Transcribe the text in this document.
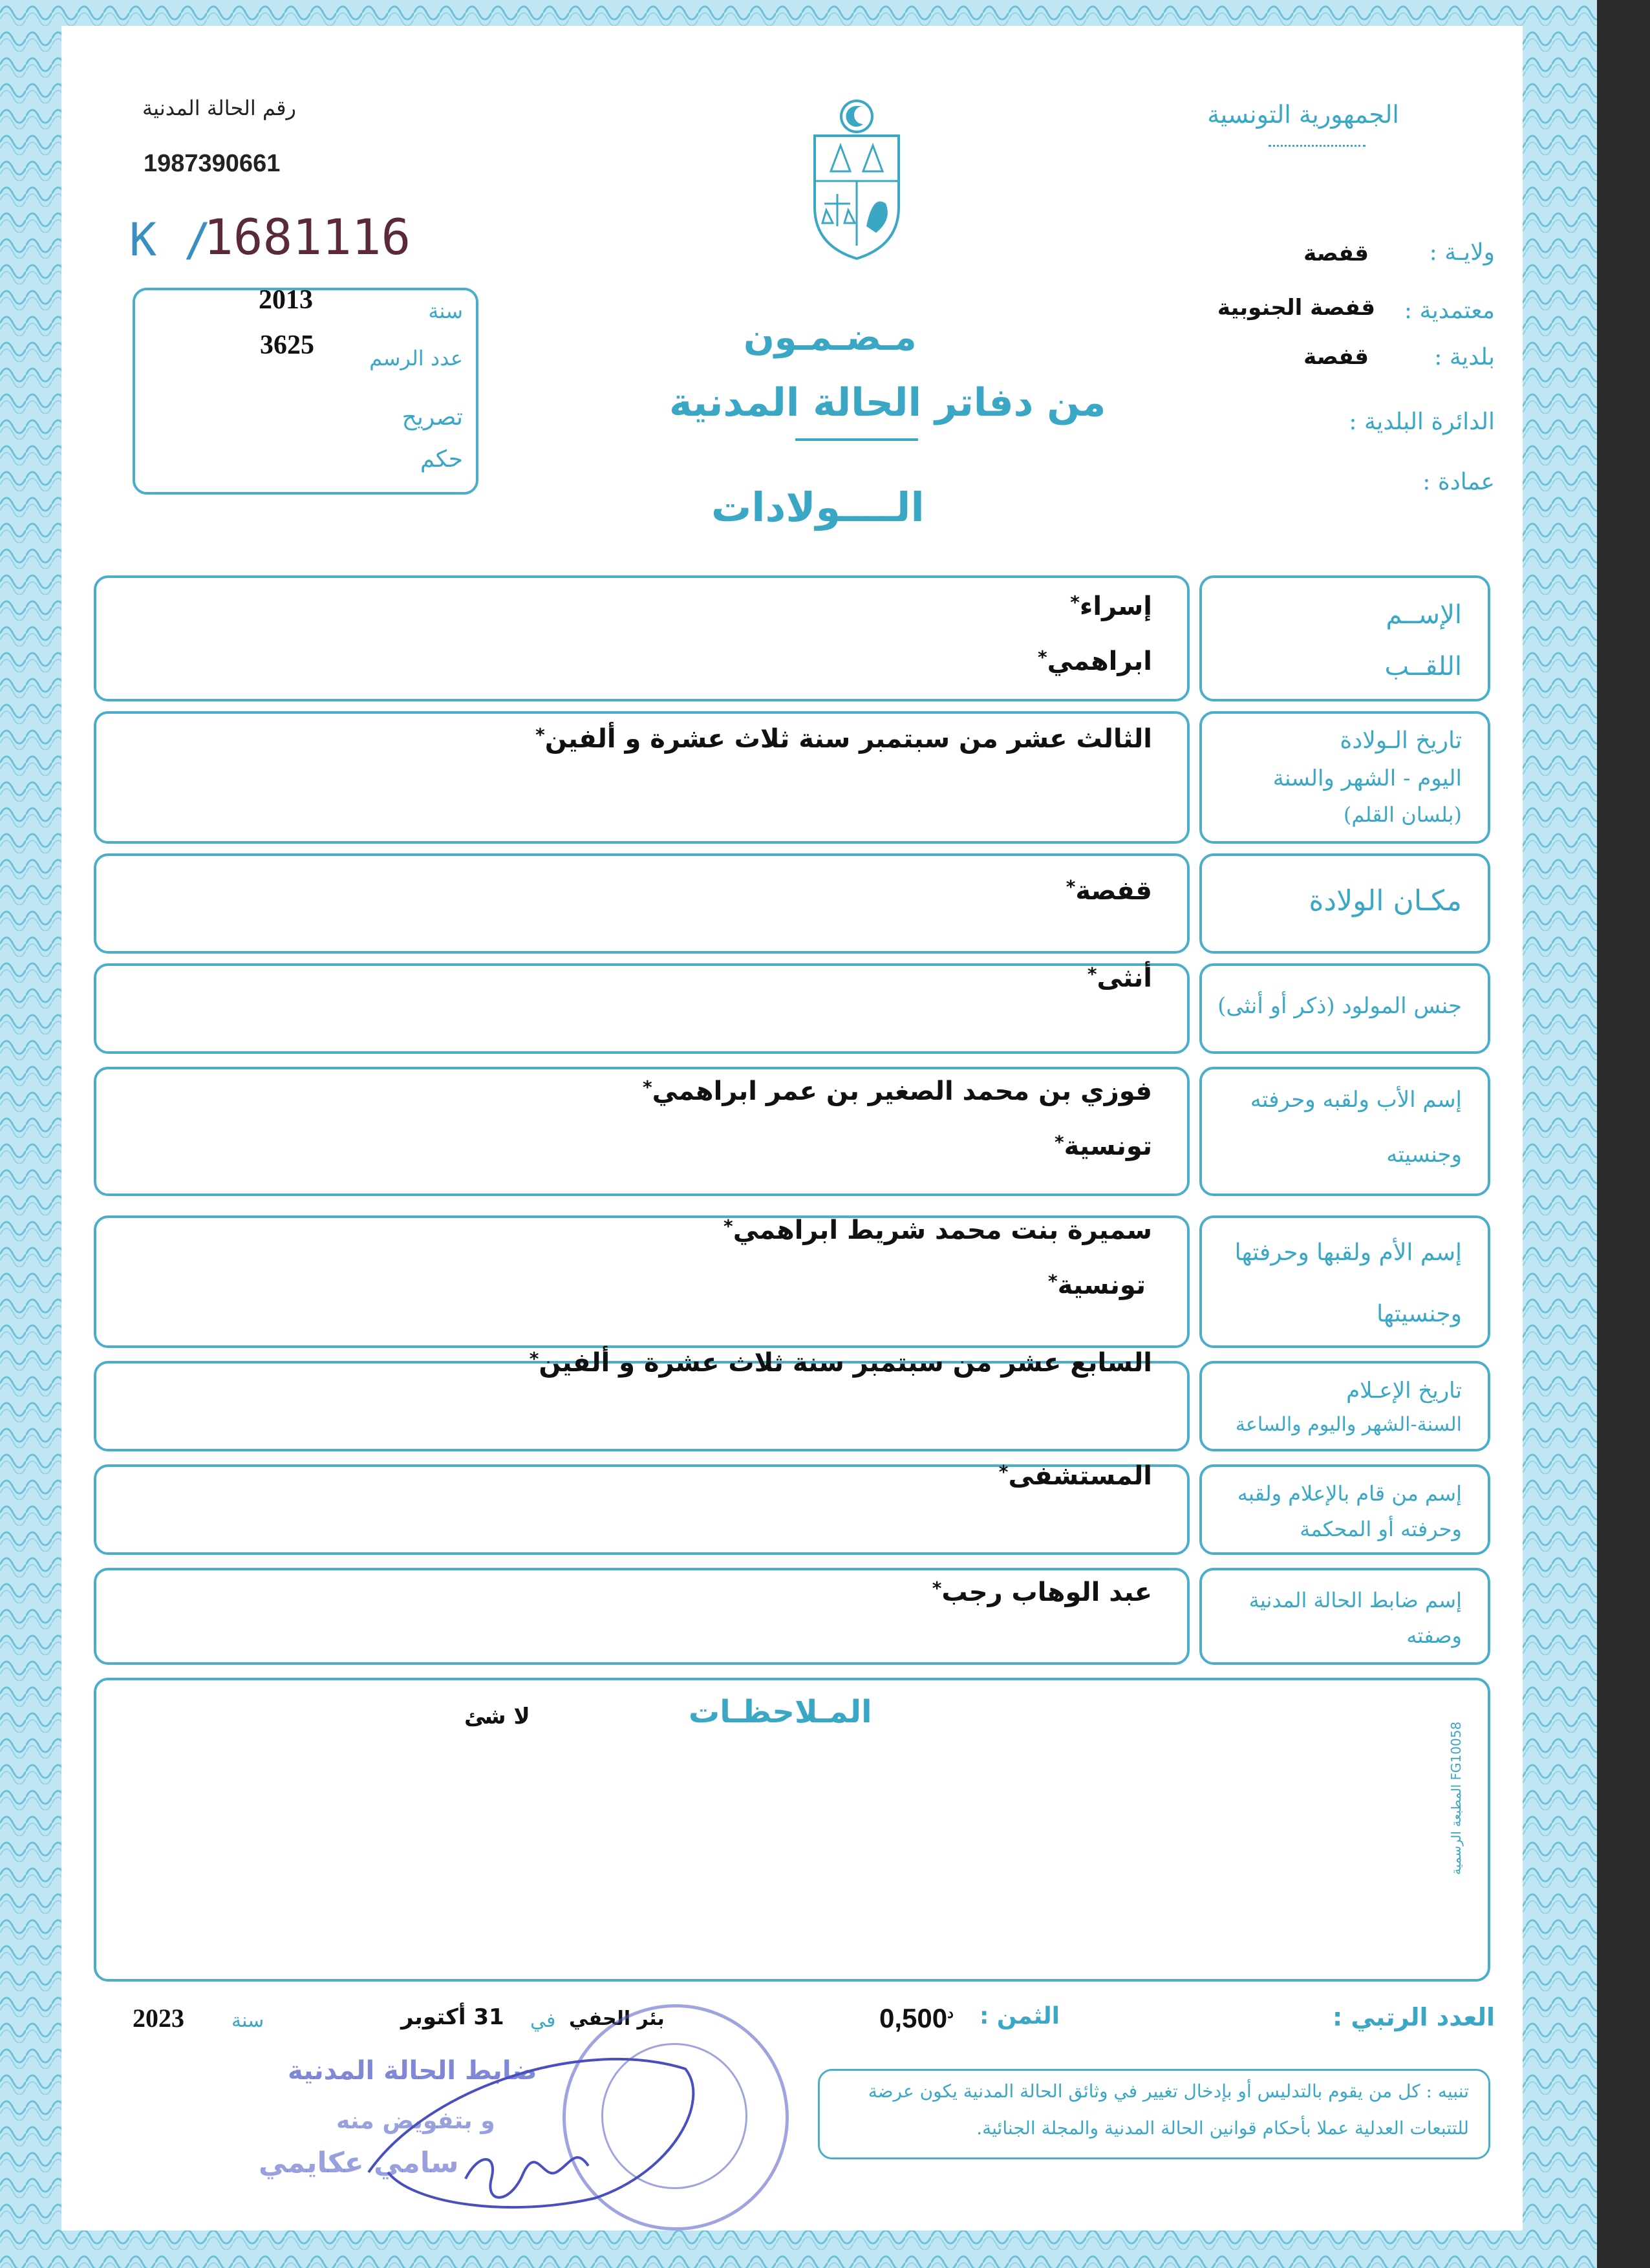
رقم الحالة المدنية
1987390661
K /
1681116
2013
3625
سنة
عدد الرسم
تصريح
حكم
الجمهورية التونسية
ولايـة :
قفصة
معتمدية :
قفصة الجنوبية
بلدية :
قفصة
الدائرة البلدية :
عمادة :
مـضـمـون
من دفاتر الحالة المدنية
الــــولادات
الإســم
اللقــب
إسراء*
ابراهمي*
تاريخ الـولادة
اليوم - الشهر والسنة
(بلسان القلم)
الثالث عشر من سبتمبر سنة ثلاث عشرة و ألفين*
مكـان الولادة
قفصة*
جنس المولود (ذكر أو أنثى)
أنثى*
إسم الأب ولقبه وحرفته
وجنسيته
فوزي بن محمد الصغير بن عمر ابراهمي*
تونسية*
إسم الأم ولقبها وحرفتها
وجنسيتها
سميرة بنت محمد شريط ابراهمي*
تونسية*
تاريخ الإعـلام
السنة-الشهر واليوم والساعة
السابع عشر من سبتمبر سنة ثلاث عشرة و ألفين*
إسم من قام بالإعلام ولقبه
وحرفته أو المحكمة
المستشفى*
إسم ضابط الحالة المدنية
وصفته
عبد الوهاب رجب*
المـلاحظـات
لا شئ
المطبعة الرسمية FG10058
العدد الرتبي :
الثمن :
$0,500^د$
بئر الحفي
في
31 أكتوبر
سنة
2023
تنبيه : كل من يقوم بالتدليس أو بإدخال تغيير في وثائق الحالة المدنية يكون عرضة
للتتبعات العدلية عملا بأحكام قوانين الحالة المدنية والمجلة الجنائية.
ضابط الحالة المدنية
و بتفويض منه
سامي عكايمي
